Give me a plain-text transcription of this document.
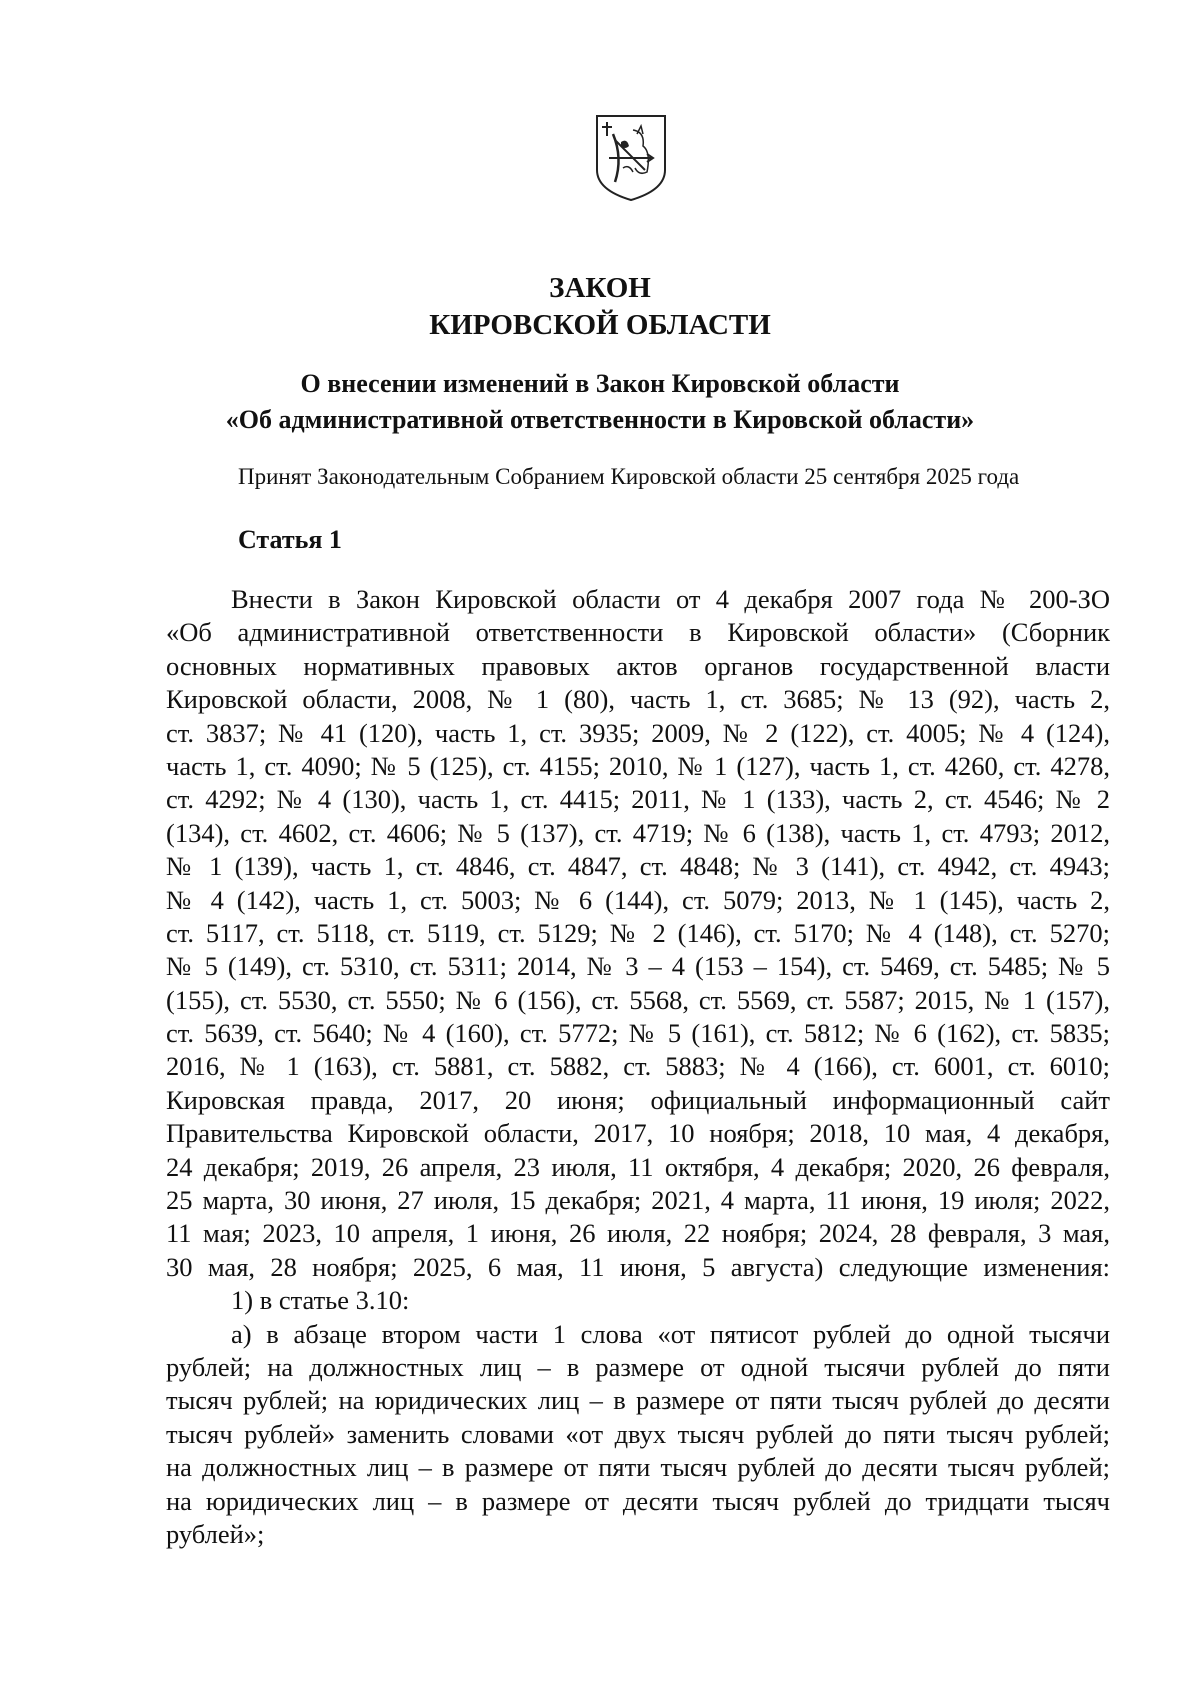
ЗАКОН
КИРОВСКОЙ ОБЛАСТИ
О внесении изменений в Закон Кировской области
«Об административной ответственности в Кировской области»
Принят Законодательным Собранием Кировской области 25 сентября 2025 года
Статья 1
Внести в Закон Кировской области от 4 декабря 2007 года № 200-ЗО
«Об административной ответственности в Кировской области» (Сборник
основных нормативных правовых актов органов государственной власти
Кировской области, 2008, № 1 (80), часть 1, ст. 3685; № 13 (92), часть 2,
ст. 3837; № 41 (120), часть 1, ст. 3935; 2009, № 2 (122), ст. 4005; № 4 (124),
часть 1, ст. 4090; № 5 (125), ст. 4155; 2010, № 1 (127), часть 1, ст. 4260, ст. 4278,
ст. 4292; № 4 (130), часть 1, ст. 4415; 2011, № 1 (133), часть 2, ст. 4546; № 2
(134), ст. 4602, ст. 4606; № 5 (137), ст. 4719; № 6 (138), часть 1, ст. 4793; 2012,
№ 1 (139), часть 1, ст. 4846, ст. 4847, ст. 4848; № 3 (141), ст. 4942, ст. 4943;
№ 4 (142), часть 1, ст. 5003; № 6 (144), ст. 5079; 2013, № 1 (145), часть 2,
ст. 5117, ст. 5118, ст. 5119, ст. 5129; № 2 (146), ст. 5170; № 4 (148), ст. 5270;
№ 5 (149), ст. 5310, ст. 5311; 2014, № 3 – 4 (153 – 154), ст. 5469, ст. 5485; № 5
(155), ст. 5530, ст. 5550; № 6 (156), ст. 5568, ст. 5569, ст. 5587; 2015, № 1 (157),
ст. 5639, ст. 5640; № 4 (160), ст. 5772; № 5 (161), ст. 5812; № 6 (162), ст. 5835;
2016, № 1 (163), ст. 5881, ст. 5882, ст. 5883; № 4 (166), ст. 6001, ст. 6010;
Кировская правда, 2017, 20 июня; официальный информационный сайт
Правительства Кировской области, 2017, 10 ноября; 2018, 10 мая, 4 декабря,
24 декабря; 2019, 26 апреля, 23 июля, 11 октября, 4 декабря; 2020, 26 февраля,
25 марта, 30 июня, 27 июля, 15 декабря; 2021, 4 марта, 11 июня, 19 июля; 2022,
11 мая; 2023, 10 апреля, 1 июня, 26 июля, 22 ноября; 2024, 28 февраля, 3 мая,
30 мая, 28 ноября; 2025, 6 мая, 11 июня, 5 августа) следующие изменения:
1) в статье 3.10:
а) в абзаце втором части 1 слова «от пятисот рублей до одной тысячи
рублей; на должностных лиц – в размере от одной тысячи рублей до пяти
тысяч рублей; на юридических лиц – в размере от пяти тысяч рублей до десяти
тысяч рублей» заменить словами «от двух тысяч рублей до пяти тысяч рублей;
на должностных лиц – в размере от пяти тысяч рублей до десяти тысяч рублей;
на юридических лиц – в размере от десяти тысяч рублей до тридцати тысяч
рублей»;
